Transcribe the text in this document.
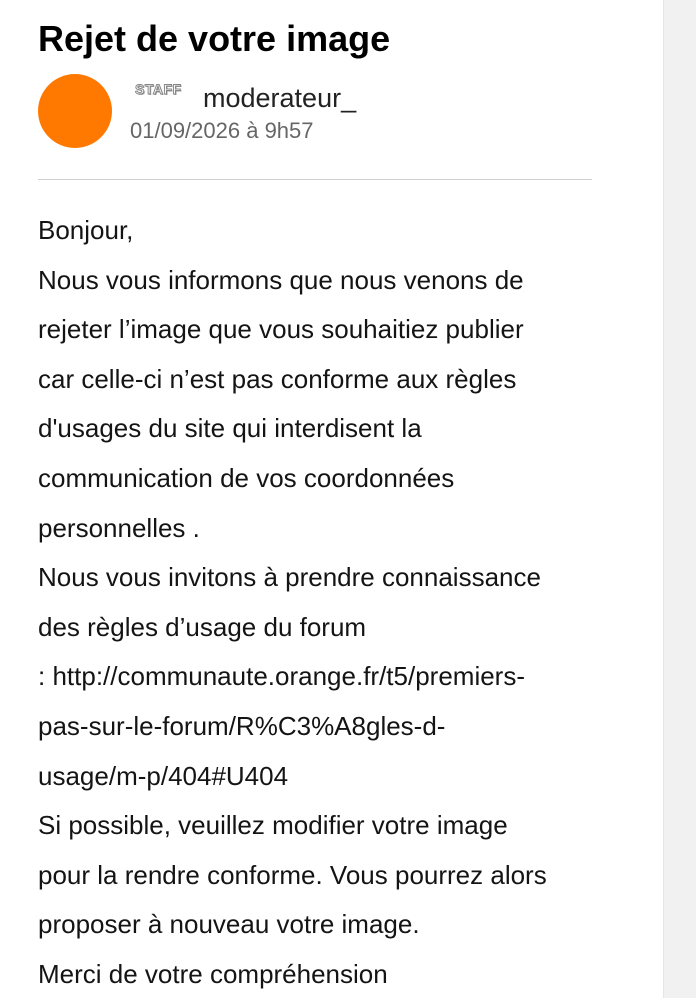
Rejet de votre image
STAFF moderateur_
01/09/2026 à 9h57
Bonjour,
Nous vous informons que nous venons de
rejeter l’image que vous souhaitiez publier
car celle-ci n’est pas conforme aux règles
d'usages du site qui interdisent la
communication de vos coordonnées
personnelles .
Nous vous invitons à prendre connaissance
des règles d’usage du forum
: http://communaute.orange.fr/t5/premiers-
pas-sur-le-forum/R%C3%A8gles-d-
usage/m-p/404#U404
Si possible, veuillez modifier votre image
pour la rendre conforme. Vous pourrez alors
proposer à nouveau votre image.
Merci de votre compréhension
